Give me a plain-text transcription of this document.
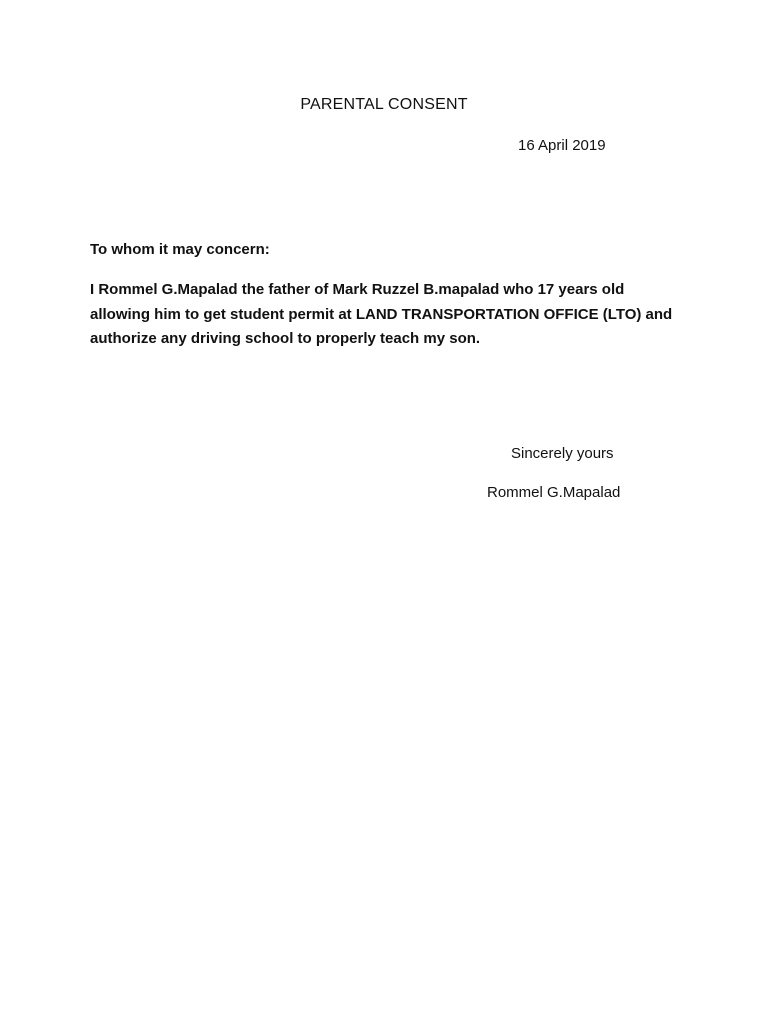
PARENTAL CONSENT
16 April 2019
To whom it may concern:
I Rommel G.Mapalad the father of Mark Ruzzel B.mapalad who 17 years old
allowing him to get student permit at LAND TRANSPORTATION OFFICE (LTO) and
authorize any driving school to properly teach my son.
Sincerely yours
Rommel G.Mapalad
